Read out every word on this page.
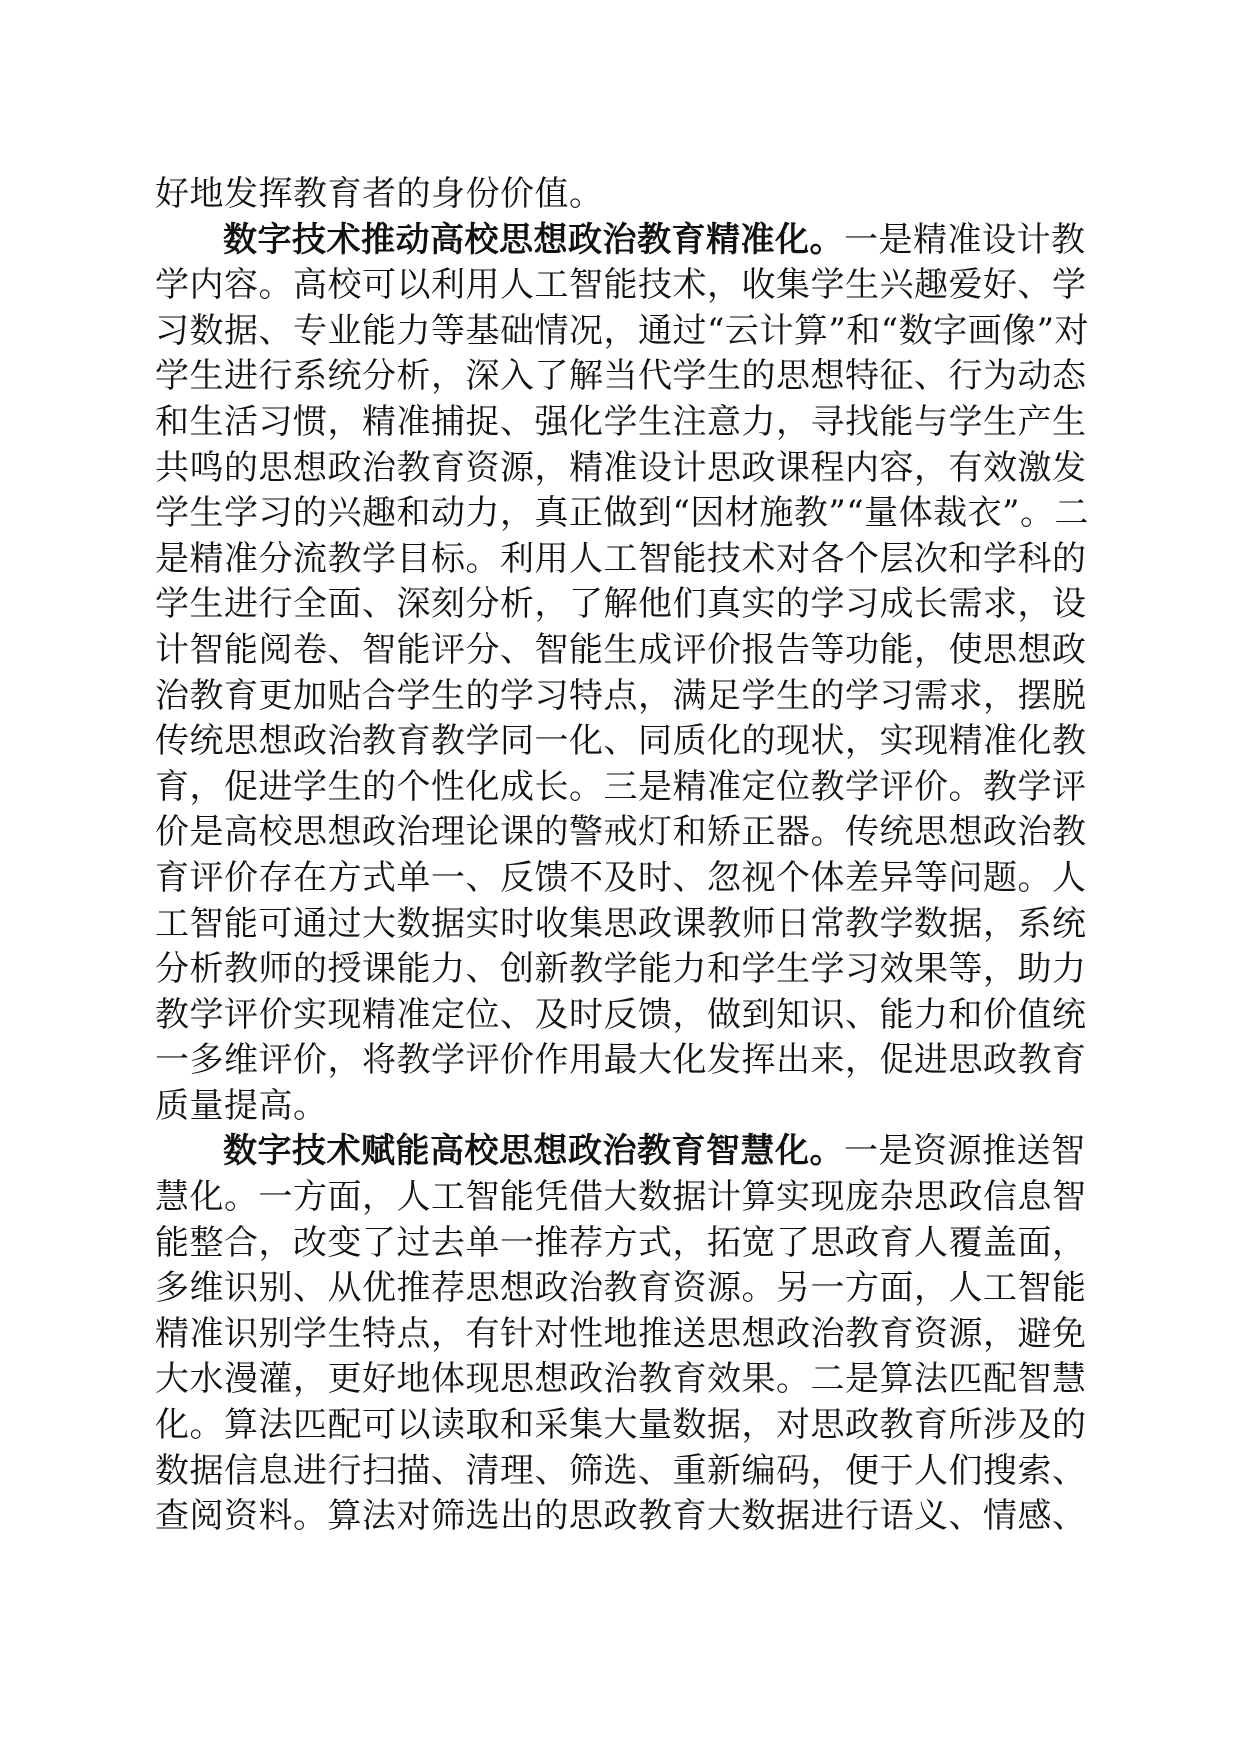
好地发挥教育者的身份价值。

数字技术推动高校思想政治教育精准化。一是精准设计教学内容。高校可以利用人工智能技术，收集学生兴趣爱好、学习数据、专业能力等基础情况，通过“云计算”和“数字画像”对学生进行系统分析，深入了解当代学生的思想特征、行为动态和生活习惯，精准捕捉、强化学生注意力，寻找能与学生产生共鸣的思想政治教育资源，精准设计思政课程内容，有效激发学生学习的兴趣和动力，真正做到“因材施教”“量体裁衣”。二是精准分流教学目标。利用人工智能技术对各个层次和学科的学生进行全面、深刻分析，了解他们真实的学习成长需求，设计智能阅卷、智能评分、智能生成评价报告等功能，使思想政治教育更加贴合学生的学习特点，满足学生的学习需求，摆脱传统思想政治教育教学同一化、同质化的现状，实现精准化教育，促进学生的个性化成长。三是精准定位教学评价。教学评价是高校思想政治理论课的警戒灯和矫正器。传统思想政治教育评价存在方式单一、反馈不及时、忽视个体差异等问题。人工智能可通过大数据实时收集思政课教师日常教学数据，系统分析教师的授课能力、创新教学能力和学生学习效果等，助力教学评价实现精准定位、及时反馈，做到知识、能力和价值统一多维评价，将教学评价作用最大化发挥出来，促进思政教育质量提高。

数字技术赋能高校思想政治教育智慧化。一是资源推送智慧化。一方面，人工智能凭借大数据计算实现庞杂思政信息智能整合，改变了过去单一推荐方式，拓宽了思政育人覆盖面，多维识别、从优推荐思想政治教育资源。另一方面，人工智能精准识别学生特点，有针对性地推送思想政治教育资源，避免大水漫灌，更好地体现思想政治教育效果。二是算法匹配智慧化。算法匹配可以读取和采集大量数据，对思政教育所涉及的数据信息进行扫描、清理、筛选、重新编码，便于人们搜索、查阅资料。算法对筛选出的思政教育大数据进行语义、情感、
